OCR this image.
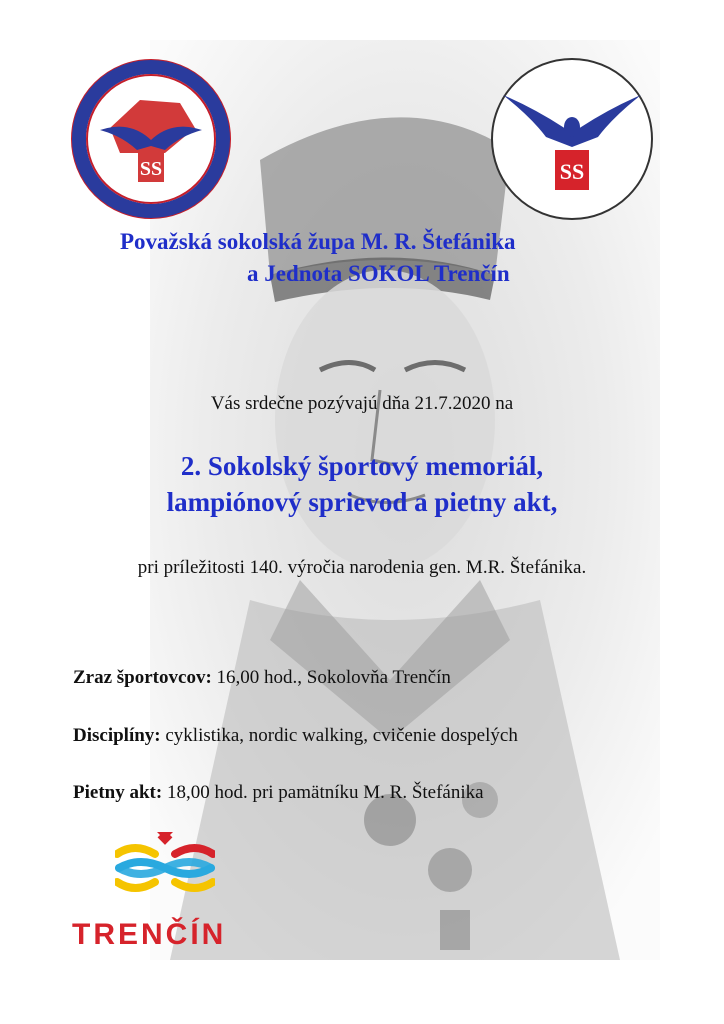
SS	SS

Považská sokolská župa M. R. Štefánika

a Jednota SOKOL Trenčín

Vás srdečne pozývajú dňa 21.7.2020 na

2. Sokolský športový memoriál,

lampiónový sprievod a pietny akt,

pri príležitosti 140. výročia narodenia gen. M.R. Štefánika.

Zraz športovcov: 16,00 hod., Sokolovňa Trenčín

Disciplíny: cyklistika, nordic walking, cvičenie dospelých

Pietny akt: 18,00 hod. pri pamätníku M. R. Štefánika

TRENČÍN
